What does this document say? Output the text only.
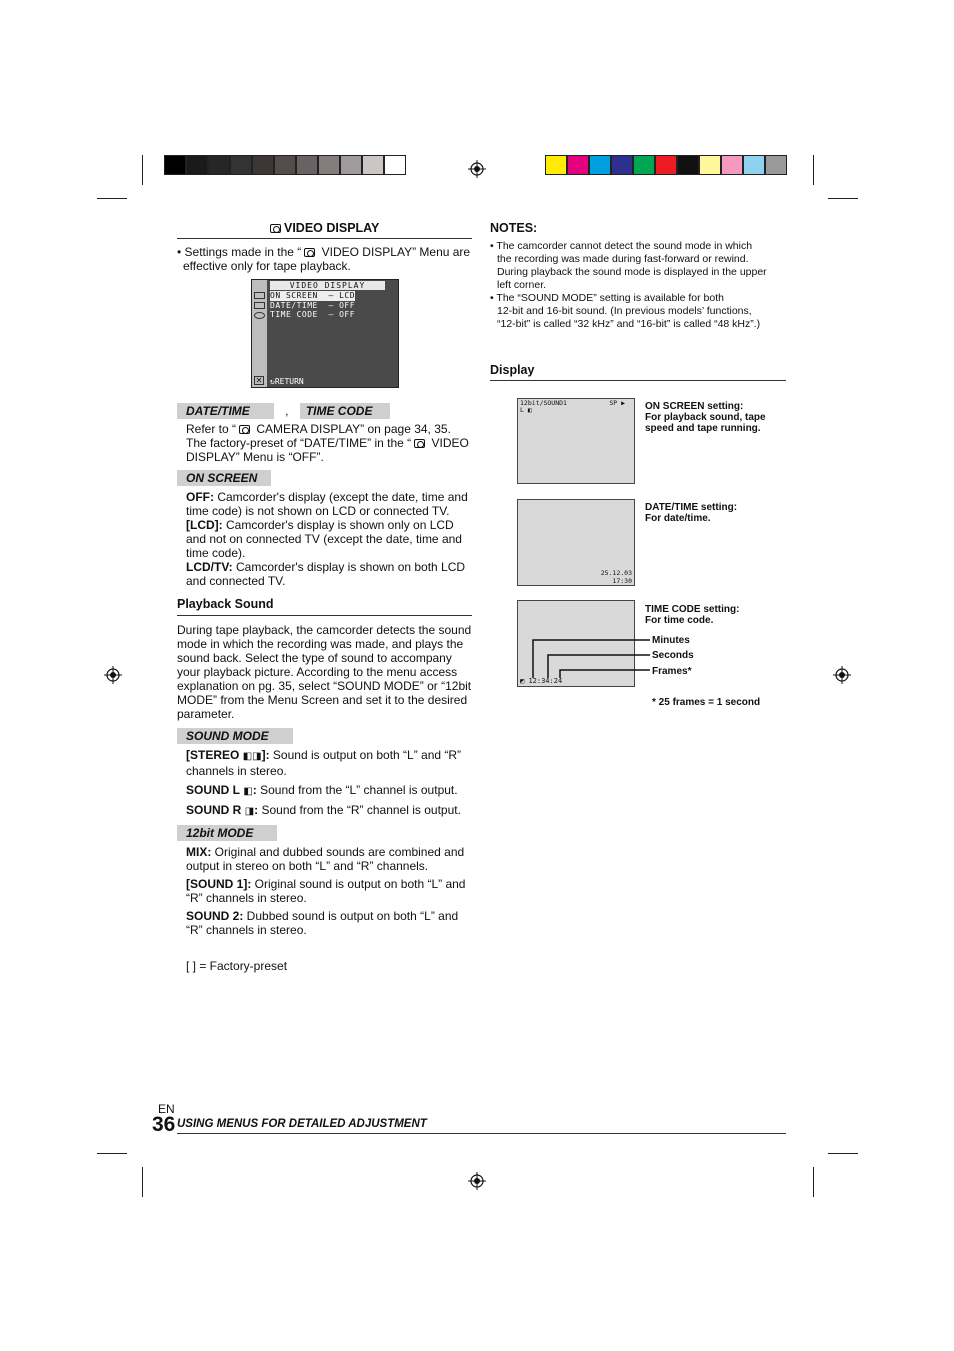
VIDEO DISPLAY
• Settings made in the “ VIDEO DISPLAY” Menu are
effective only for tape playback.
✕
VIDEO DISPLAY
ON SCREEN  – LCD
DATE/TIME  – OFF
TIME CODE  – OFF
↻RETURN
DATE/TIME	, TIME CODE
Refer to “ CAMERA DISPLAY” on page 34, 35.
The factory-preset of “DATE/TIME” in the “ VIDEO
DISPLAY” Menu is “OFF”.
ON SCREEN
OFF: Camcorder's display (except the date, time and
time code) is not shown on LCD or connected TV.
[LCD]: Camcorder's display is shown only on LCD
and not on connected TV (except the date, time and
time code).
LCD/TV: Camcorder's display is shown on both LCD
and connected TV.
Playback Sound
During tape playback, the camcorder detects the sound
mode in which the recording was made, and plays the
sound back. Select the type of sound to accompany
your playback picture. According to the menu access
explanation on pg. 35, select “SOUND MODE” or “12bit
MODE” from the Menu Screen and set it to the desired
parameter.
SOUND MODE
[STEREO ◧◨]: Sound is output on both “L” and “R”
channels in stereo.
SOUND L ◧: Sound from the “L” channel is output.
SOUND R ◨: Sound from the “R” channel is output.
12bit MODE
MIX: Original and dubbed sounds are combined and
output in stereo on both “L” and “R” channels.
[SOUND 1]: Original sound is output on both “L” and
“R” channels in stereo.
SOUND 2: Dubbed sound is output on both “L” and
“R” channels in stereo.
[ ] = Factory-preset
NOTES:
• The camcorder cannot detect the sound mode in which
the recording was made during fast-forward or rewind.
During playback the sound mode is displayed in the upper
left corner.
• The “SOUND MODE” setting is available for both
12-bit and 16-bit sound. (In previous models’ functions,
“12-bit” is called “32 kHz” and “16-bit” is called “48 kHz”.)
Display
12bit/SOUND1
L ◧
SP ▶ ON SCREEN setting:
For playback sound, tape
speed and tape running.
25.12.03
17:30
DATE/TIME setting:
For date/time.
◩ 12:34:24
TIME CODE setting:
For time code.
Minutes
Seconds
Frames*
* 25 frames = 1 second
EN
36 USING MENUS FOR DETAILED ADJUSTMENT
